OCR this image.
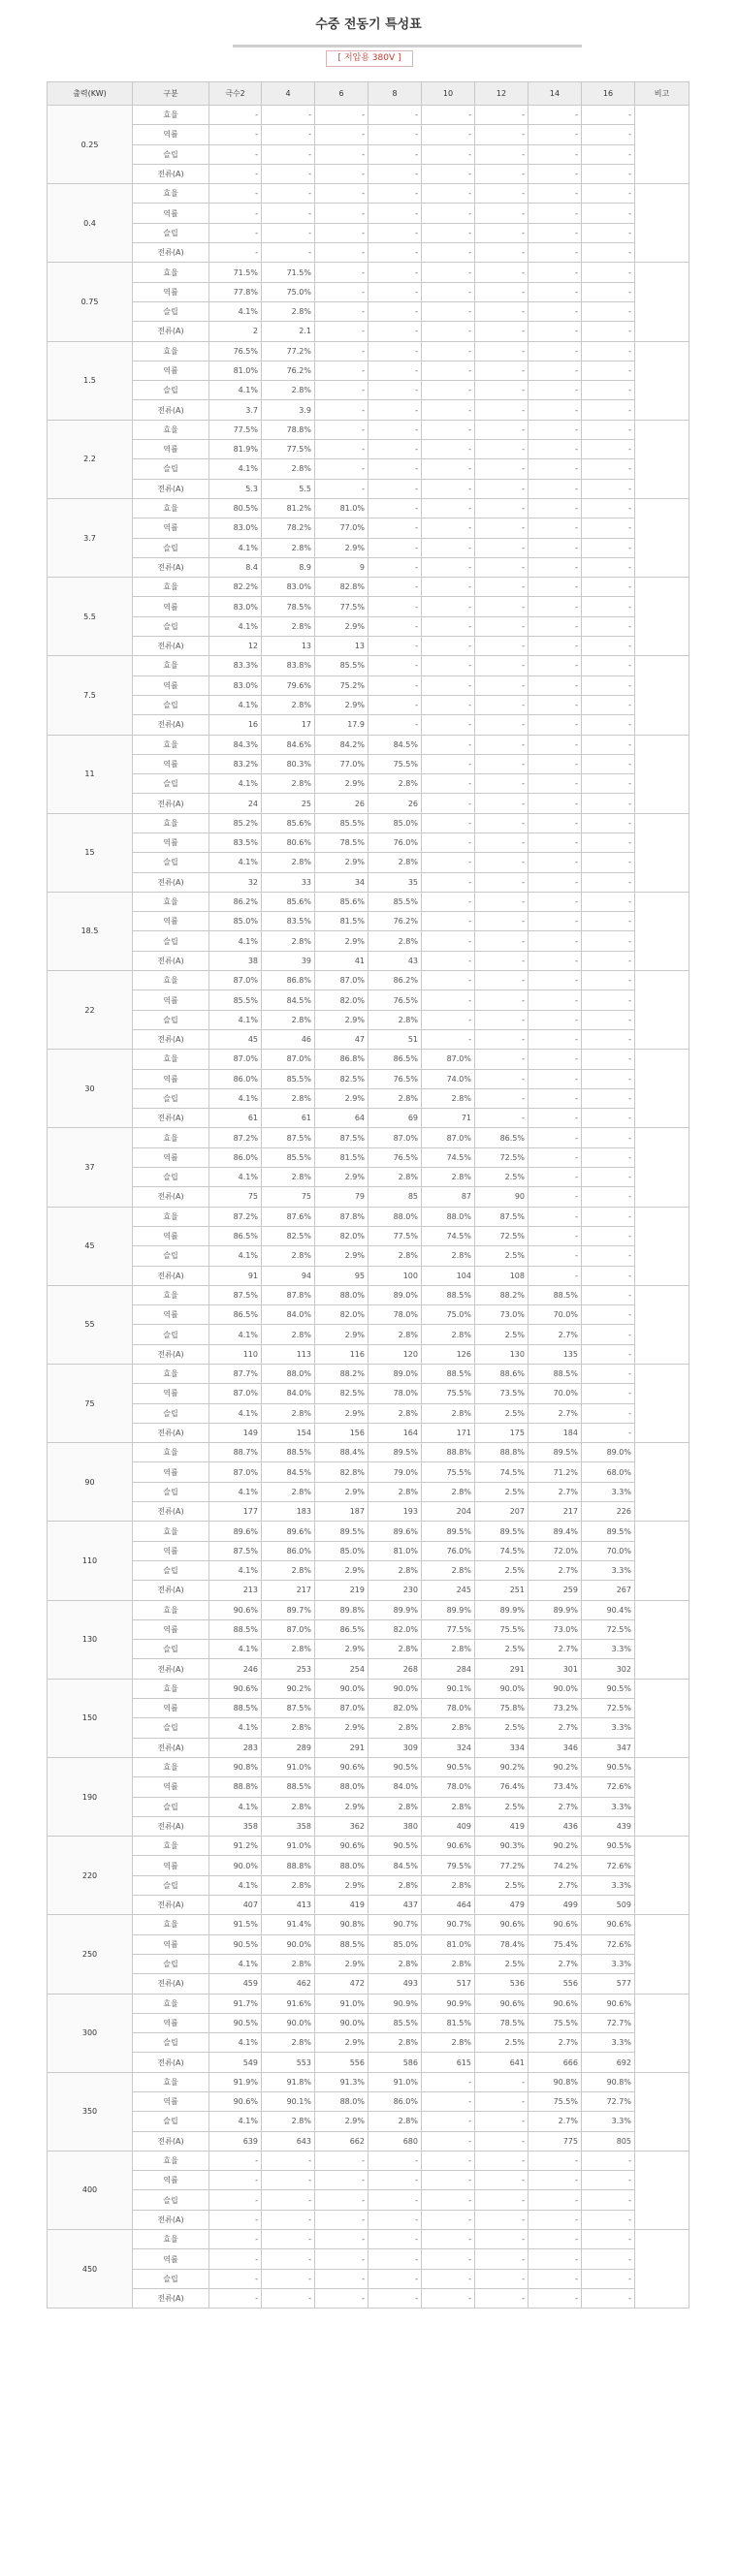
수중 전동기 특성표
[ 저압용 380V ]
출력(KW)	구분	극수2	4	6	8	10	12	14	16	비고
0.25	효율	-	-	-	-	-	-	-	-	
	역률	-	-	-	-	-	-	-	-	
	슬립	-	-	-	-	-	-	-	-	
	전류(A)	-	-	-	-	-	-	-	-	
0.4	효율	-	-	-	-	-	-	-	-	
	역률	-	-	-	-	-	-	-	-	
	슬립	-	-	-	-	-	-	-	-	
	전류(A)	-	-	-	-	-	-	-	-	
0.75	효율	71.5%	71.5%	-	-	-	-	-	-	
	역률	77.8%	75.0%	-	-	-	-	-	-	
	슬립	4.1%	2.8%	-	-	-	-	-	-	
	전류(A)	2	2.1	-	-	-	-	-	-	
1.5	효율	76.5%	77.2%	-	-	-	-	-	-	
	역률	81.0%	76.2%	-	-	-	-	-	-	
	슬립	4.1%	2.8%	-	-	-	-	-	-	
	전류(A)	3.7	3.9	-	-	-	-	-	-	
2.2	효율	77.5%	78.8%	-	-	-	-	-	-	
	역률	81.9%	77.5%	-	-	-	-	-	-	
	슬립	4.1%	2.8%	-	-	-	-	-	-	
	전류(A)	5.3	5.5	-	-	-	-	-	-	
3.7	효율	80.5%	81.2%	81.0%	-	-	-	-	-	
	역률	83.0%	78.2%	77.0%	-	-	-	-	-	
	슬립	4.1%	2.8%	2.9%	-	-	-	-	-	
	전류(A)	8.4	8.9	9	-	-	-	-	-	
5.5	효율	82.2%	83.0%	82.8%	-	-	-	-	-	
	역률	83.0%	78.5%	77.5%	-	-	-	-	-	
	슬립	4.1%	2.8%	2.9%	-	-	-	-	-	
	전류(A)	12	13	13	-	-	-	-	-	
7.5	효율	83.3%	83.8%	85.5%	-	-	-	-	-	
	역률	83.0%	79.6%	75.2%	-	-	-	-	-	
	슬립	4.1%	2.8%	2.9%	-	-	-	-	-	
	전류(A)	16	17	17.9	-	-	-	-	-	
11	효율	84.3%	84.6%	84.2%	84.5%	-	-	-	-	
	역률	83.2%	80.3%	77.0%	75.5%	-	-	-	-	
	슬립	4.1%	2.8%	2.9%	2.8%	-	-	-	-	
	전류(A)	24	25	26	26	-	-	-	-	
15	효율	85.2%	85.6%	85.5%	85.0%	-	-	-	-	
	역률	83.5%	80.6%	78.5%	76.0%	-	-	-	-	
	슬립	4.1%	2.8%	2.9%	2.8%	-	-	-	-	
	전류(A)	32	33	34	35	-	-	-	-	
18.5	효율	86.2%	85.6%	85.6%	85.5%	-	-	-	-	
	역률	85.0%	83.5%	81.5%	76.2%	-	-	-	-	
	슬립	4.1%	2.8%	2.9%	2.8%	-	-	-	-	
	전류(A)	38	39	41	43	-	-	-	-	
22	효율	87.0%	86.8%	87.0%	86.2%	-	-	-	-	
	역률	85.5%	84.5%	82.0%	76.5%	-	-	-	-	
	슬립	4.1%	2.8%	2.9%	2.8%	-	-	-	-	
	전류(A)	45	46	47	51	-	-	-	-	
30	효율	87.0%	87.0%	86.8%	86.5%	87.0%	-	-	-	
	역률	86.0%	85.5%	82.5%	76.5%	74.0%	-	-	-	
	슬립	4.1%	2.8%	2.9%	2.8%	2.8%	-	-	-	
	전류(A)	61	61	64	69	71	-	-	-	
37	효율	87.2%	87.5%	87.5%	87.0%	87.0%	86.5%	-	-	
	역률	86.0%	85.5%	81.5%	76.5%	74.5%	72.5%	-	-	
	슬립	4.1%	2.8%	2.9%	2.8%	2.8%	2.5%	-	-	
	전류(A)	75	75	79	85	87	90	-	-	
45	효율	87.2%	87.6%	87.8%	88.0%	88.0%	87.5%	-	-	
	역률	86.5%	82.5%	82.0%	77.5%	74.5%	72.5%	-	-	
	슬립	4.1%	2.8%	2.9%	2.8%	2.8%	2.5%	-	-	
	전류(A)	91	94	95	100	104	108	-	-	
55	효율	87.5%	87.8%	88.0%	89.0%	88.5%	88.2%	88.5%	-	
	역률	86.5%	84.0%	82.0%	78.0%	75.0%	73.0%	70.0%	-	
	슬립	4.1%	2.8%	2.9%	2.8%	2.8%	2.5%	2.7%	-	
	전류(A)	110	113	116	120	126	130	135	-	
75	효율	87.7%	88.0%	88.2%	89.0%	88.5%	88.6%	88.5%	-	
	역률	87.0%	84.0%	82.5%	78.0%	75.5%	73.5%	70.0%	-	
	슬립	4.1%	2.8%	2.9%	2.8%	2.8%	2.5%	2.7%	-	
	전류(A)	149	154	156	164	171	175	184	-	
90	효율	88.7%	88.5%	88.4%	89.5%	88.8%	88.8%	89.5%	89.0%	
	역률	87.0%	84.5%	82.8%	79.0%	75.5%	74.5%	71.2%	68.0%	
	슬립	4.1%	2.8%	2.9%	2.8%	2.8%	2.5%	2.7%	3.3%	
	전류(A)	177	183	187	193	204	207	217	226	
110	효율	89.6%	89.6%	89.5%	89.6%	89.5%	89.5%	89.4%	89.5%	
	역률	87.5%	86.0%	85.0%	81.0%	76.0%	74.5%	72.0%	70.0%	
	슬립	4.1%	2.8%	2.9%	2.8%	2.8%	2.5%	2.7%	3.3%	
	전류(A)	213	217	219	230	245	251	259	267	
130	효율	90.6%	89.7%	89.8%	89.9%	89.9%	89.9%	89.9%	90.4%	
	역률	88.5%	87.0%	86.5%	82.0%	77.5%	75.5%	73.0%	72.5%	
	슬립	4.1%	2.8%	2.9%	2.8%	2.8%	2.5%	2.7%	3.3%	
	전류(A)	246	253	254	268	284	291	301	302	
150	효율	90.6%	90.2%	90.0%	90.0%	90.1%	90.0%	90.0%	90.5%	
	역률	88.5%	87.5%	87.0%	82.0%	78.0%	75.8%	73.2%	72.5%	
	슬립	4.1%	2.8%	2.9%	2.8%	2.8%	2.5%	2.7%	3.3%	
	전류(A)	283	289	291	309	324	334	346	347	
190	효율	90.8%	91.0%	90.6%	90.5%	90.5%	90.2%	90.2%	90.5%	
	역률	88.8%	88.5%	88.0%	84.0%	78.0%	76.4%	73.4%	72.6%	
	슬립	4.1%	2.8%	2.9%	2.8%	2.8%	2.5%	2.7%	3.3%	
	전류(A)	358	358	362	380	409	419	436	439	
220	효율	91.2%	91.0%	90.6%	90.5%	90.6%	90.3%	90.2%	90.5%	
	역률	90.0%	88.8%	88.0%	84.5%	79.5%	77.2%	74.2%	72.6%	
	슬립	4.1%	2.8%	2.9%	2.8%	2.8%	2.5%	2.7%	3.3%	
	전류(A)	407	413	419	437	464	479	499	509	
250	효율	91.5%	91.4%	90.8%	90.7%	90.7%	90.6%	90.6%	90.6%	
	역률	90.5%	90.0%	88.5%	85.0%	81.0%	78.4%	75.4%	72.6%	
	슬립	4.1%	2.8%	2.9%	2.8%	2.8%	2.5%	2.7%	3.3%	
	전류(A)	459	462	472	493	517	536	556	577	
300	효율	91.7%	91.6%	91.0%	90.9%	90.9%	90.6%	90.6%	90.6%	
	역률	90.5%	90.0%	90.0%	85.5%	81.5%	78.5%	75.5%	72.7%	
	슬립	4.1%	2.8%	2.9%	2.8%	2.8%	2.5%	2.7%	3.3%	
	전류(A)	549	553	556	586	615	641	666	692	
350	효율	91.9%	91.8%	91.3%	91.0%	-	-	90.8%	90.8%	
	역률	90.6%	90.1%	88.0%	86.0%	-	-	75.5%	72.7%	
	슬립	4.1%	2.8%	2.9%	2.8%	-	-	2.7%	3.3%	
	전류(A)	639	643	662	680	-	-	775	805	
400	효율	-	-	-	-	-	-	-	-	
	역률	-	-	-	-	-	-	-	-	
	슬립	-	-	-	-	-	-	-	-	
	전류(A)	-	-	-	-	-	-	-	-	
450	효율	-	-	-	-	-	-	-	-	
	역률	-	-	-	-	-	-	-	-	
	슬립	-	-	-	-	-	-	-	-	
	전류(A)	-	-	-	-	-	-	-	-	
